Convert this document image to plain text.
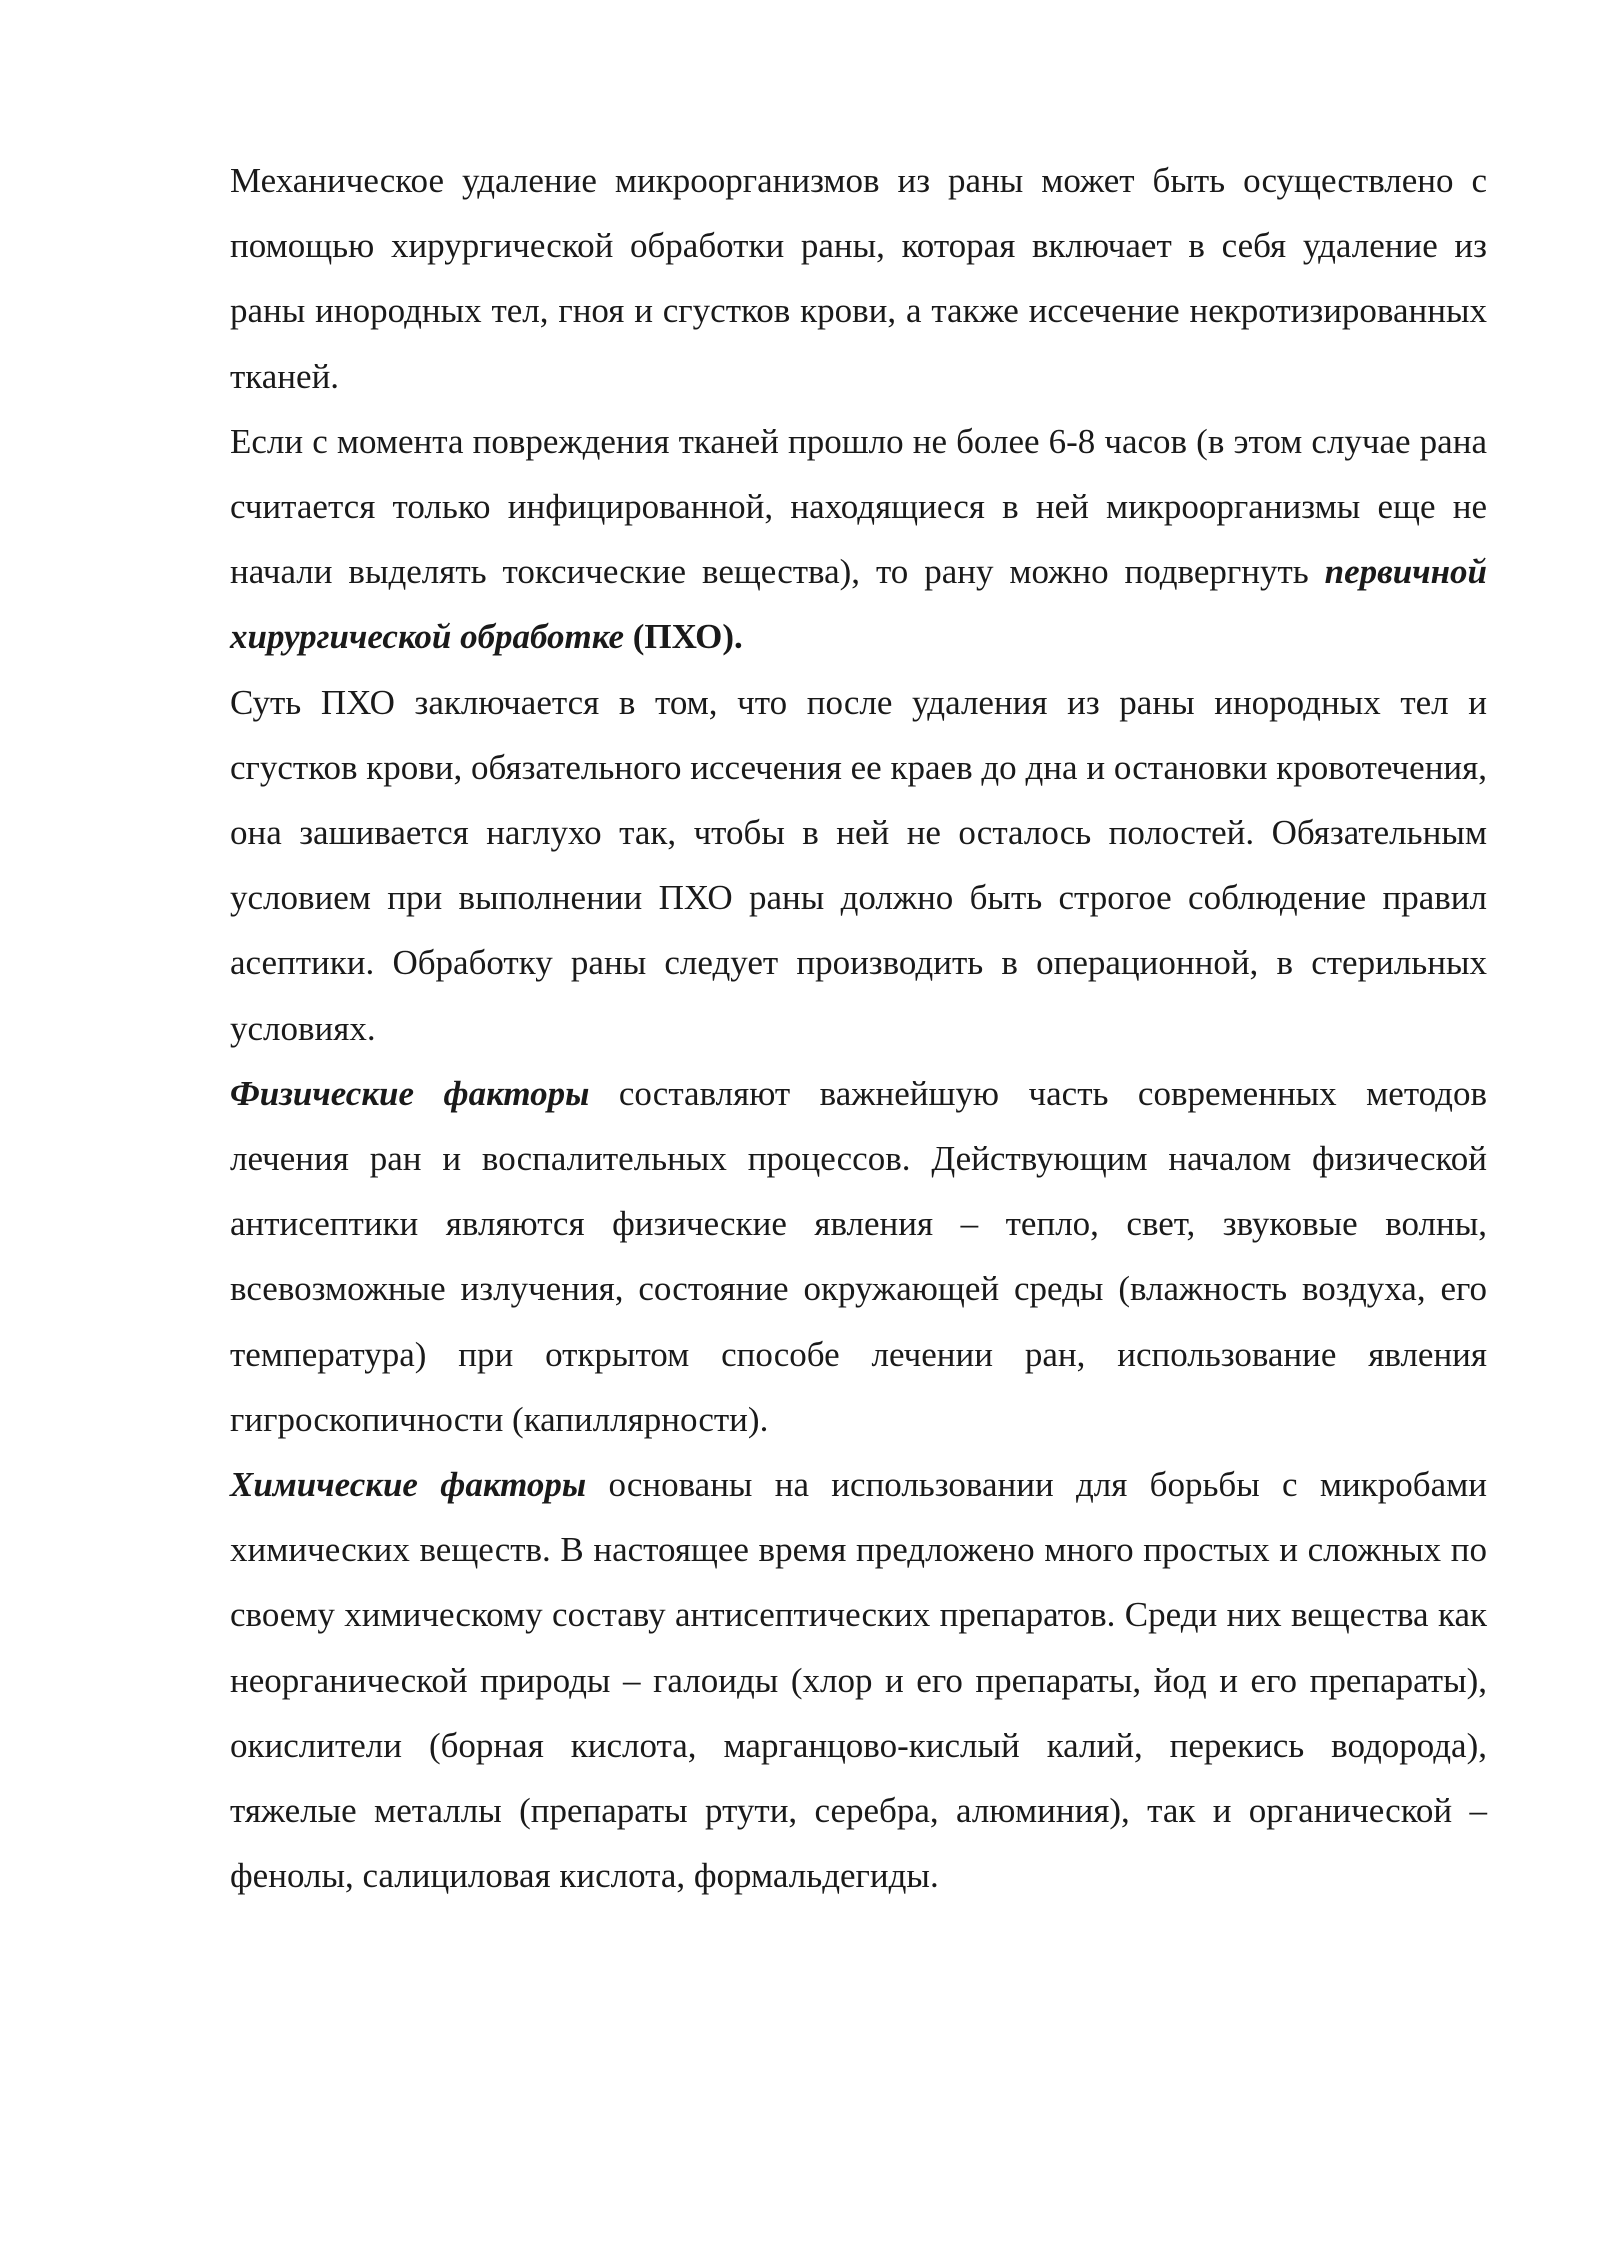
Механическое удаление микроорганизмов из раны может быть осуществлено с помощью хирургической обработки раны, которая включает в себя удаление из раны инородных тел, гноя и сгустков крови, а также иссечение некротизированных тканей.

Если с момента повреждения тканей прошло не более 6-8 часов (в этом случае рана считается только инфицированной, находящиеся в ней микроорганизмы еще не начали выделять токсические вещества), то рану можно подвергнуть первичной хирургической обработке (ПХО).

Суть ПХО заключается в том, что после удаления из раны инородных тел и сгустков крови, обязательного иссечения ее краев до дна и остановки кровотечения, она зашивается наглухо так, чтобы в ней не осталось полостей. Обязательным условием при выполнении ПХО раны должно быть строгое соблюдение правил асептики. Обработку раны следует производить в операционной, в стерильных условиях.

Физические факторы составляют важнейшую часть современных методов лечения ран и воспалительных процессов. Действующим началом физической антисептики являются физические явления – тепло, свет, звуковые волны, всевозможные излучения, состояние окружающей среды (влажность воздуха, его температура) при открытом способе лечении ран, использование явления гигроскопичности (капиллярности).

Химические факторы основаны на использовании для борьбы с микробами химических веществ. В настоящее время предложено много простых и сложных по своему химическому составу антисептических препаратов. Среди них вещества как неорганической природы – галоиды (хлор и его препараты, йод и его препараты), окислители (борная кислота, марганцово-кислый калий, перекись водорода), тяжелые металлы (препараты ртути, серебра, алюминия), так и органической – фенолы, салициловая кислота, формальдегиды.
